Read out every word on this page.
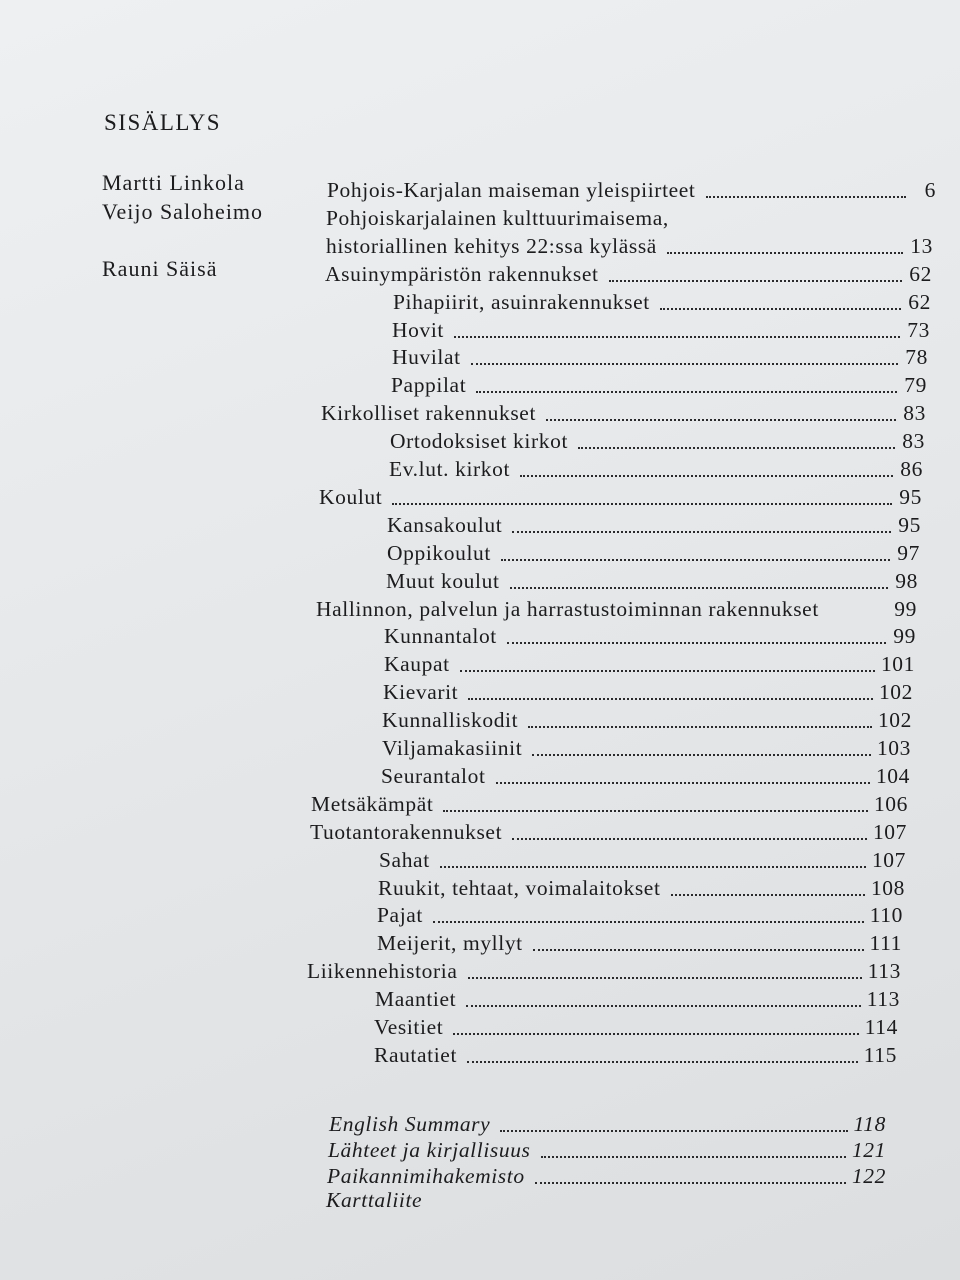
SISÄLLYS
Martti Linkola
Veijo Saloheimo
Rauni Säisä
Pohjois-Karjalan maiseman yleispiirteet	6
Pohjoiskarjalainen kulttuurimaisema,
historiallinen kehitys 22:ssa kylässä	13
Asuinympäristön rakennukset	62
Pihapiirit, asuinrakennukset	62
Hovit	73
Huvilat	78
Pappilat	79
Kirkolliset rakennukset	83
Ortodoksiset kirkot	83
Ev.lut. kirkot	86
Koulut	95
Kansakoulut	95
Oppikoulut	97
Muut koulut	98
Hallinnon, palvelun ja harrastustoiminnan rakennukset	99
Kunnantalot	99
Kaupat	101
Kievarit	102
Kunnalliskodit	102
Viljamakasiinit	103
Seurantalot	104
Metsäkämpät	106
Tuotantorakennukset	107
Sahat	107
Ruukit, tehtaat, voimalaitokset	108
Pajat	110
Meijerit, myllyt	111
Liikennehistoria	113
Maantiet	113
Vesitiet	114
Rautatiet	115
English Summary	118
Lähteet ja kirjallisuus	121
Paikannimihakemisto	122
Karttaliite
